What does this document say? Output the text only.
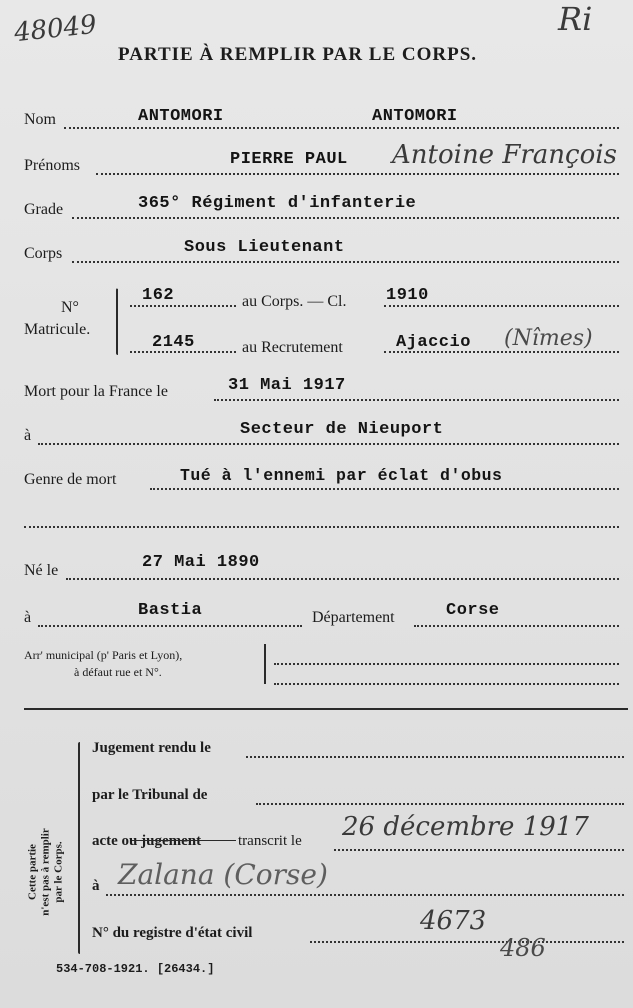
48049	Ri
PARTIE À REMPLIR PAR LE CORPS.
Nom	ANTOMORI	ANTOMORI
Prénoms	PIERRE PAUL Antoine François
Grade	365° Régiment d'infanterie
Corps	Sous Lieutenant
N°
Matricule.
162	au Corps. — Cl. 1910
2145	au Recrutement	Ajaccio (Nîmes)
Mort pour la France le	31 Mai 1917
à	Secteur de Nieuport
Genre de mort	Tué à l'ennemi par éclat d'obus
Né le	27 Mai 1890
à	Bastia	Département	Corse
Arr' municipal (p' Paris et Lyon),
à défaut rue et N°.
Cette partie n'est pas à remplir par le Corps.
Jugement rendu le
par le Tribunal de
acte ou jugement transcrit le 26 décembre 1917
à Zalana (Corse)
N° du registre d'état civil	4673
486
534-708-1921. [26434.]
